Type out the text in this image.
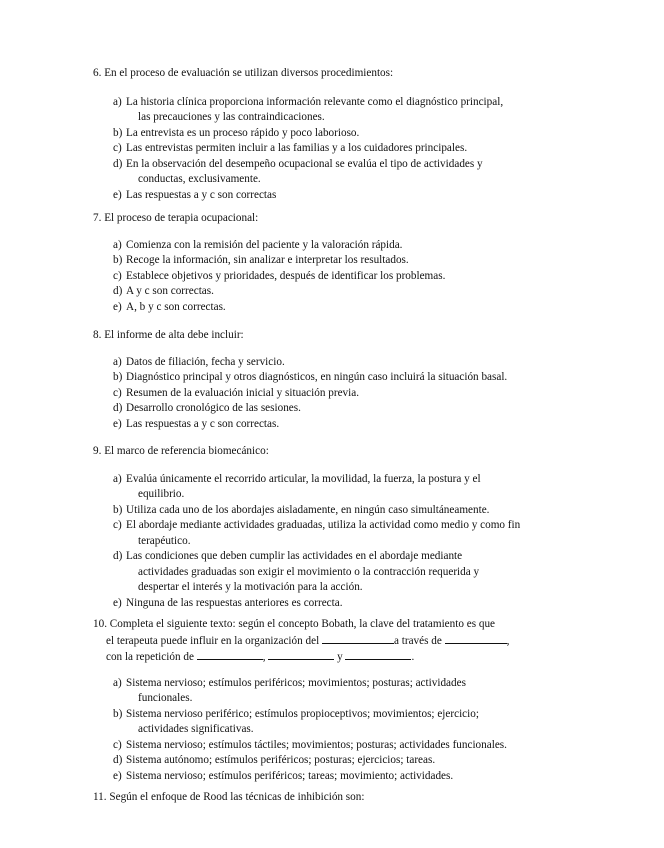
6. En el proceso de evaluación se utilizan diversos procedimientos:
a) La historia clínica proporciona información relevante como el diagnóstico principal,
las precauciones y las contraindicaciones.
b) La entrevista es un proceso rápido y poco laborioso.
c) Las entrevistas permiten incluir a las familias y a los cuidadores principales.
d) En la observación del desempeño ocupacional se evalúa el tipo de actividades y
conductas, exclusivamente.
e) Las respuestas a y c son correctas
7. El proceso de terapia ocupacional:
a) Comienza con la remisión del paciente y la valoración rápida.
b) Recoge la información, sin analizar e interpretar los resultados.
c) Establece objetivos y prioridades, después de identificar los problemas.
d) A y c son correctas.
e) A, b y c son correctas.
8. El informe de alta debe incluir:
a) Datos de filiación, fecha y servicio.
b) Diagnóstico principal y otros diagnósticos, en ningún caso incluirá la situación basal.
c) Resumen de la evaluación inicial y situación previa.
d) Desarrollo cronológico de las sesiones.
e) Las respuestas a y c son correctas.
9. El marco de referencia biomecánico:
a) Evalúa únicamente el recorrido articular, la movilidad, la fuerza, la postura y el
equilibrio.
b) Utiliza cada uno de los abordajes aisladamente, en ningún caso simultáneamente.
c) El abordaje mediante actividades graduadas, utiliza la actividad como medio y como fin
terapéutico.
d) Las condiciones que deben cumplir las actividades en el abordaje mediante
actividades graduadas son exigir el movimiento o la contracción requerida y
despertar el interés y la motivación para la acción.
e) Ninguna de las respuestas anteriores es correcta.
10. Completa el siguiente texto: según el concepto Bobath, la clave del tratamiento es que
el terapeuta puede influir en la organización del	a través de	,
con la repetición de	,	y	.
a) Sistema nervioso; estímulos periféricos; movimientos; posturas; actividades
funcionales.
b) Sistema nervioso periférico; estímulos propioceptivos; movimientos; ejercicio;
actividades significativas.
c) Sistema nervioso; estímulos táctiles; movimientos; posturas; actividades funcionales.
d) Sistema autónomo; estímulos periféricos; posturas; ejercicios; tareas.
e) Sistema nervioso; estímulos periféricos; tareas; movimiento; actividades.
11. Según el enfoque de Rood las técnicas de inhibición son:
